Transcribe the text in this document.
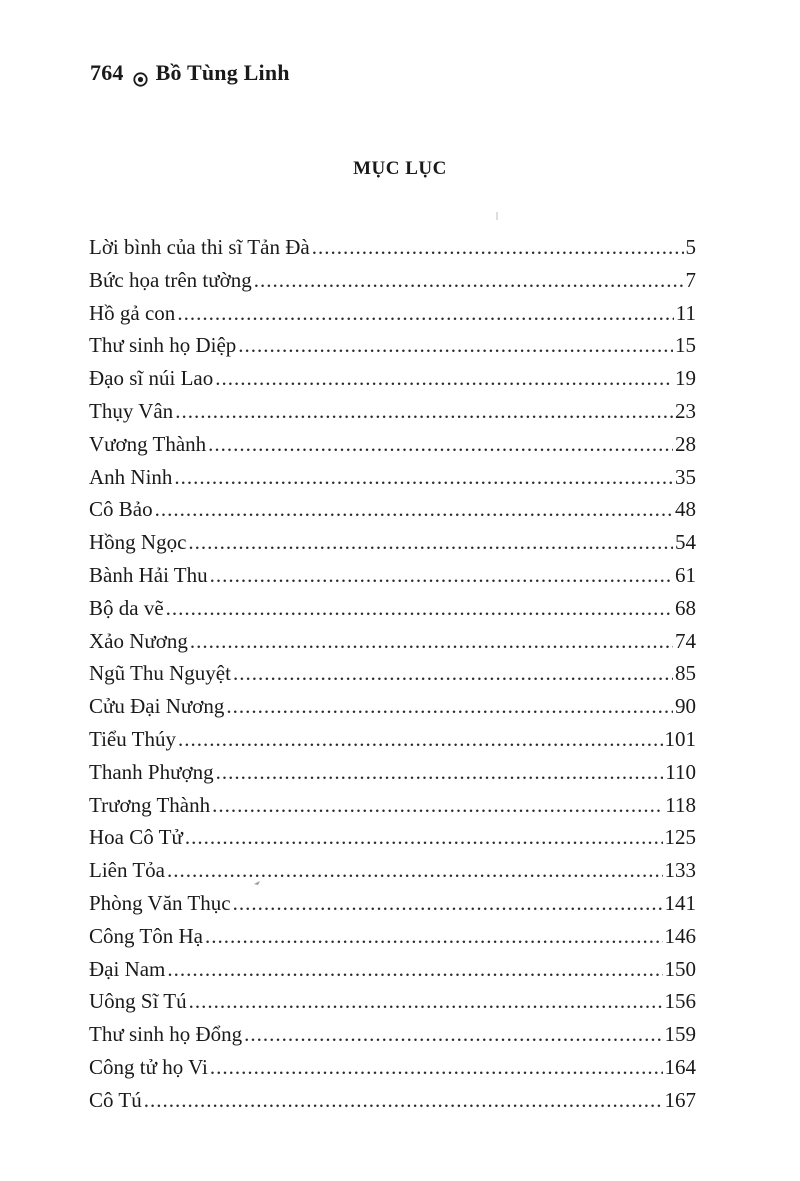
764 Bồ Tùng Linh
MỤC LỤC
Lời bình của thi sĩ Tản Đà .....	5
Bức họa trên tường .....	7
Hồ gả con .....	11
Thư sinh họ Diệp .....	15
Đạo sĩ núi Lao .....	19
Thụy Vân .....	23
Vương Thành .....	28
Anh Ninh .....	35
Cô Bảo .....	48
Hồng Ngọc .....	54
Bành Hải Thu .....	61
Bộ da vẽ .....	68
Xảo Nương .....	74
Ngũ Thu Nguyệt .....	85
Cửu Đại Nương .....	90
Tiểu Thúy .....	101
Thanh Phượng .....	110
Trương Thành .....	118
Hoa Cô Tử .....	125
Liên Tỏa .....	133
Phòng Văn Thục .....	141
Công Tôn Hạ .....	146
Đại Nam .....	150
Uông Sĩ Tú .....	156
Thư sinh họ Đổng .....	159
Công tử họ Vi .....	164
Cô Tú .....	167
